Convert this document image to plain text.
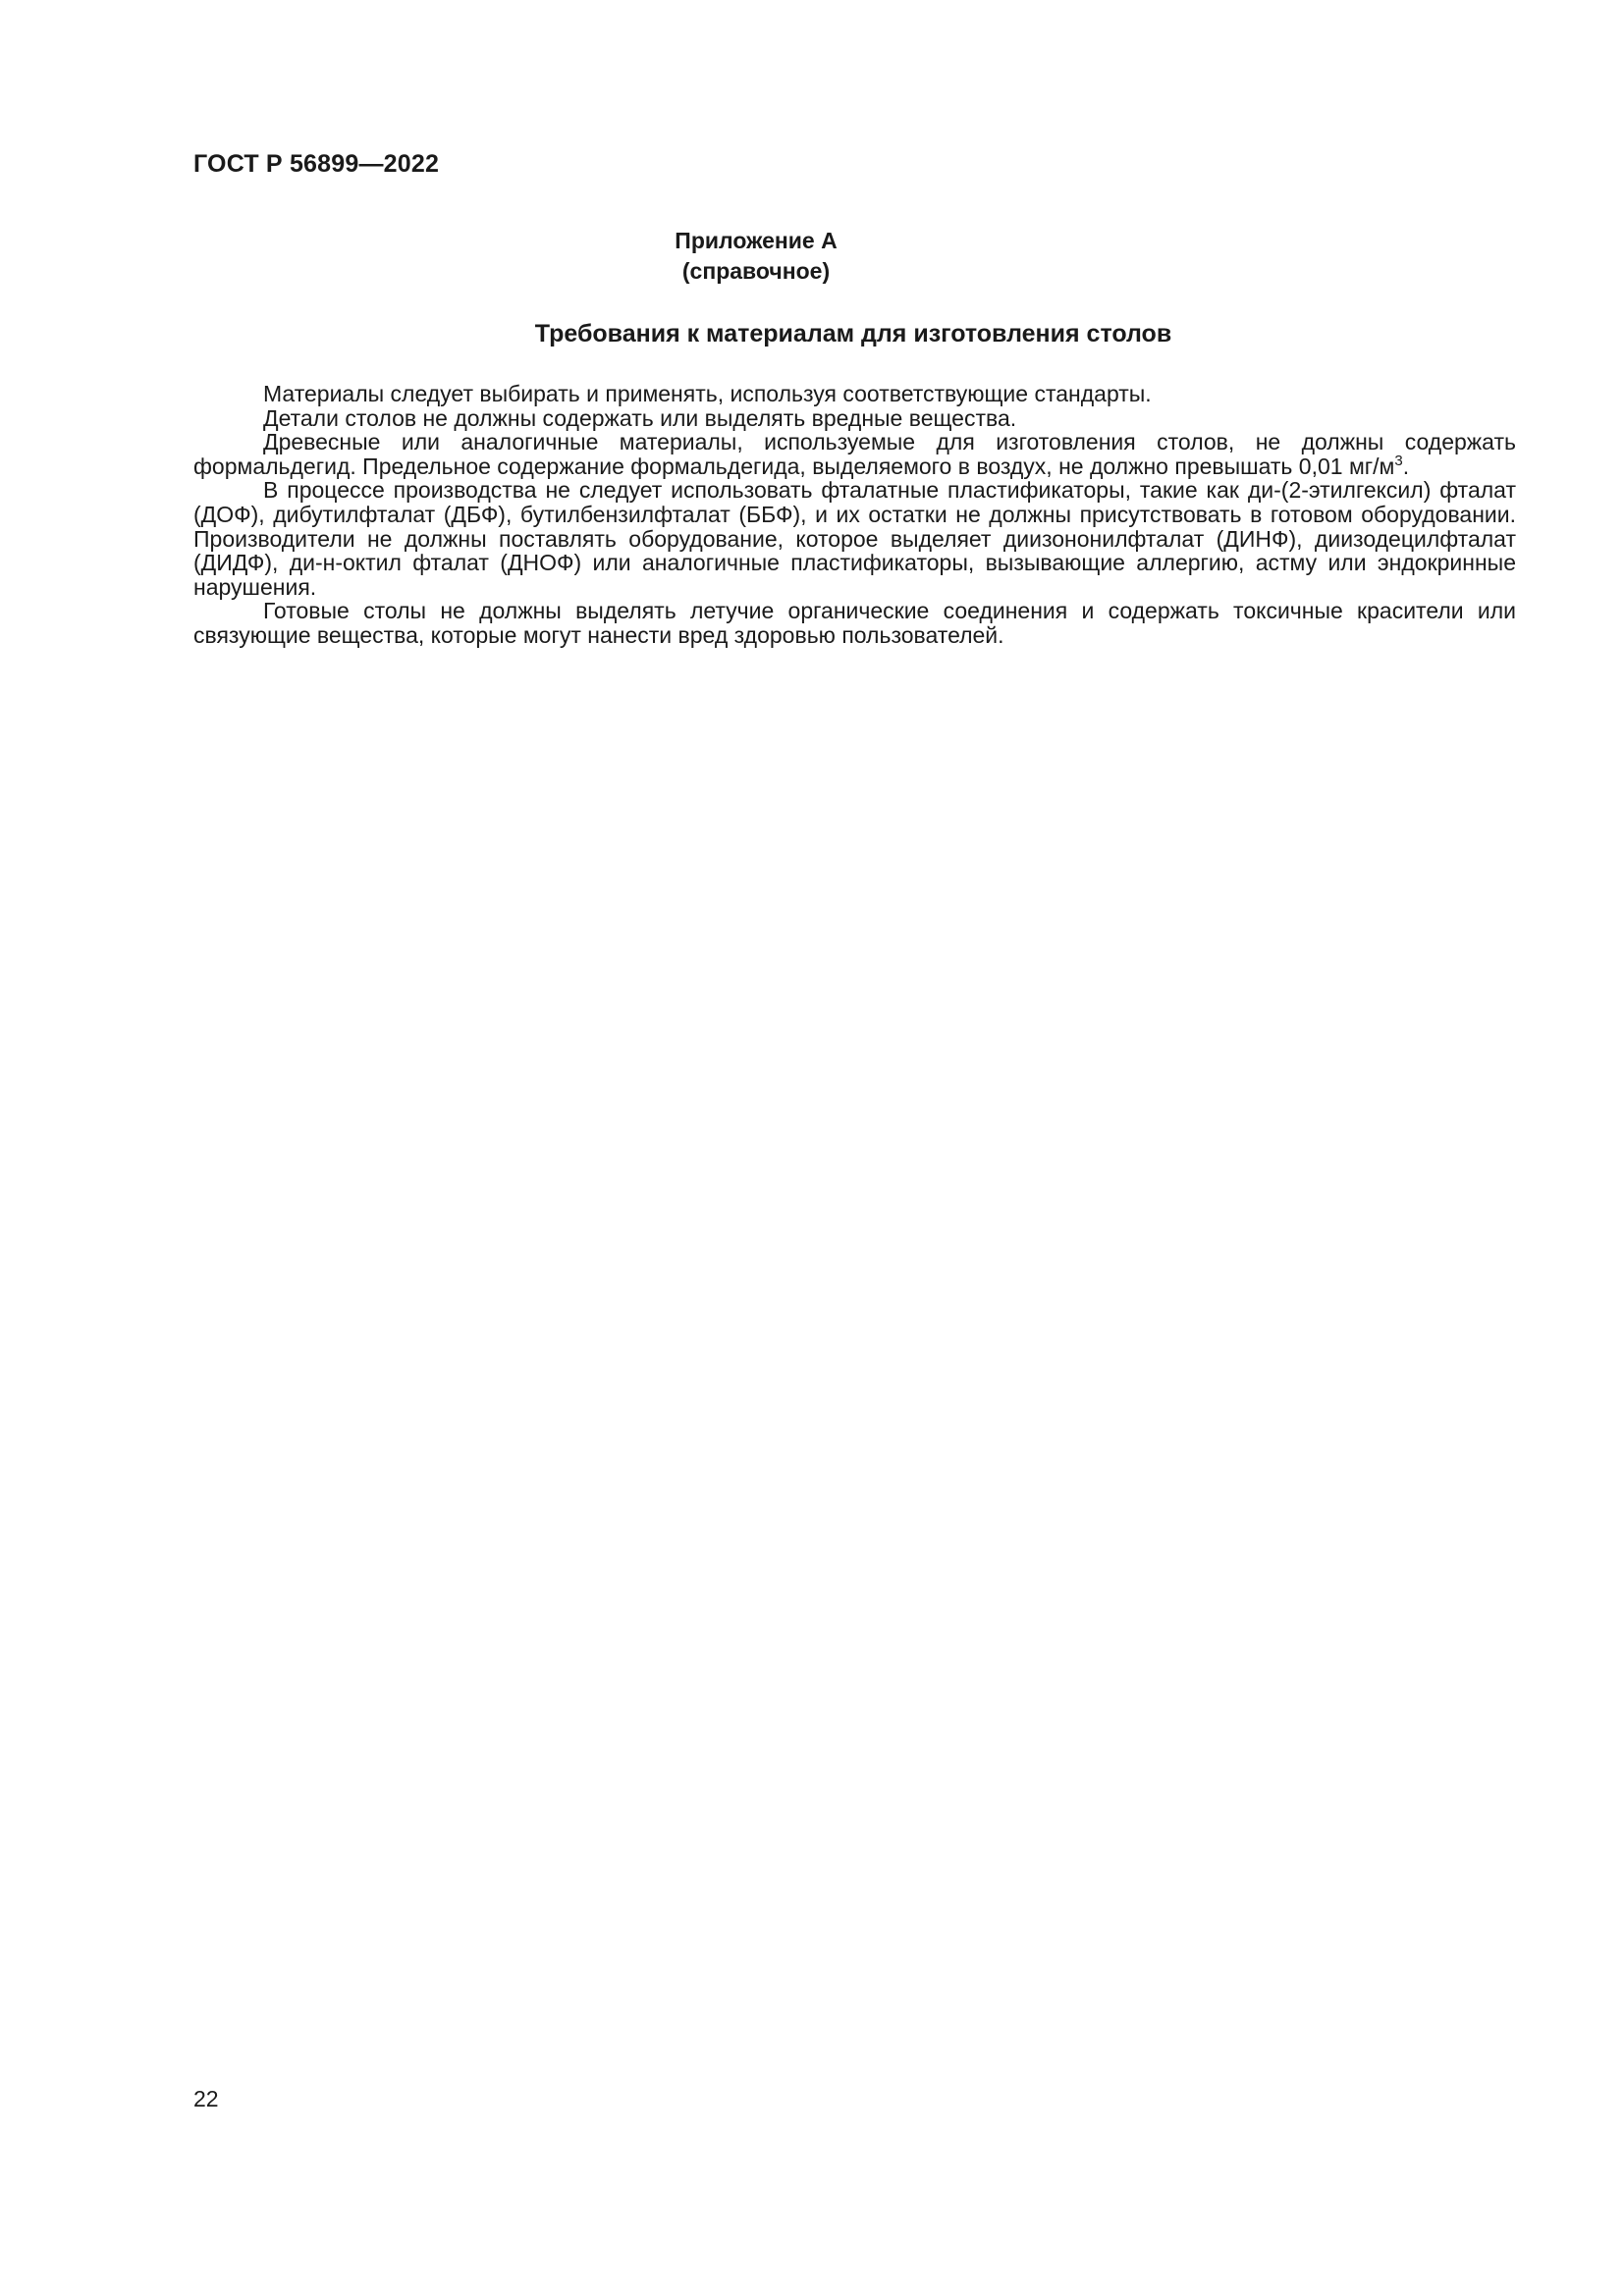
ГОСТ Р 56899—2022
Приложение А
(справочное)
Требования к материалам для изготовления столов

Материалы следует выбирать и применять, используя соответствующие стандарты.

Детали столов не должны содержать или выделять вредные вещества.

Древесные или аналогичные материалы, используемые для изготовления столов, не должны содержать формальдегид. Предельное содержание формальдегида, выделяемого в воздух, не должно превышать 0,01 $мг/м^3$.

В процессе производства не следует использовать фталатные пластификаторы, такие как ди-(2-этилгексил) фталат (ДОФ), дибутилфталат (ДБФ), бутилбензилфталат (ББФ), и их остатки не должны присутствовать в готовом оборудовании. Производители не должны поставлять оборудование, которое выделяет диизононилфталат (ДИНФ), диизодецилфталат (ДИДФ), ди-н-октил фталат (ДНОФ) или аналогичные пластификаторы, вызывающие аллергию, астму или эндокринные нарушения.

Готовые столы не должны выделять летучие органические соединения и содержать токсичные красители или связующие вещества, которые могут нанести вред здоровью пользователей.

22
